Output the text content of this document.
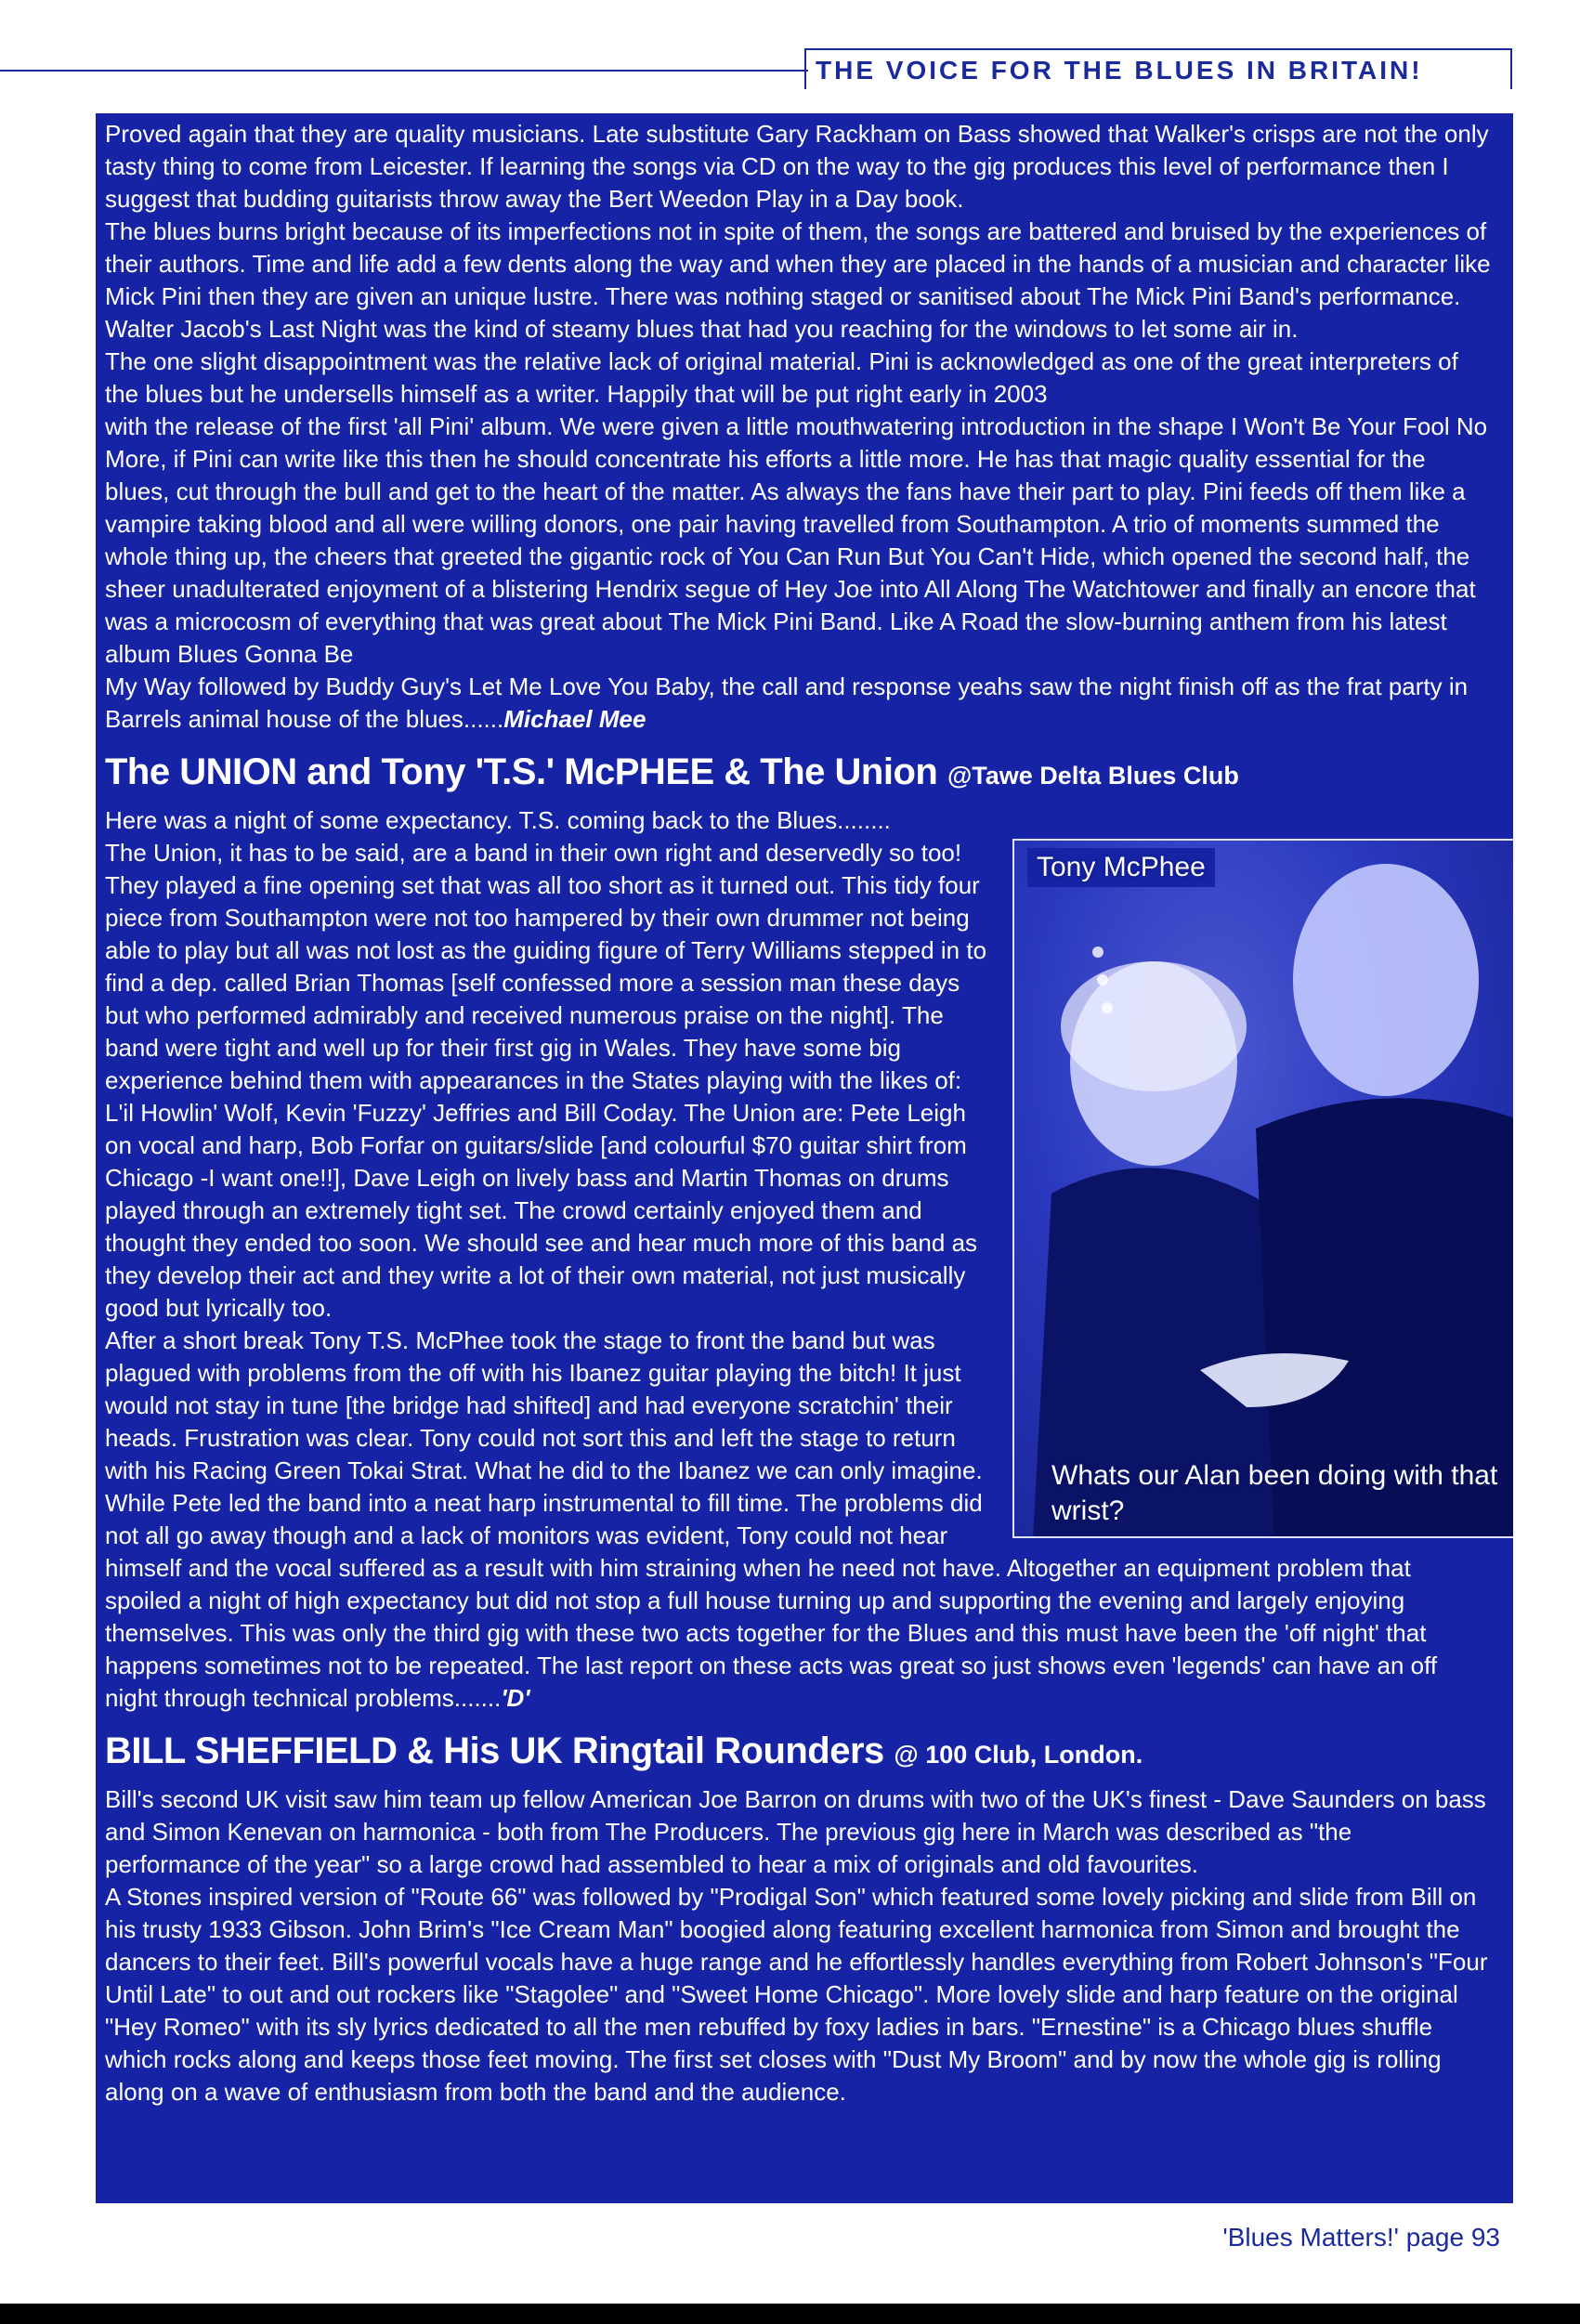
THE VOICE FOR THE BLUES IN BRITAIN!

Proved again that they are quality musicians. Late substitute Gary Rackham on Bass showed that Walker's crisps are not the only tasty thing to come from Leicester. If learning the songs via CD on the way to the gig produces this level of performance then I suggest that budding guitarists throw away the Bert Weedon Play in a Day book.

The blues burns bright because of its imperfections not in spite of them, the songs are battered and bruised by the experiences of their authors. Time and life add a few dents along the way and when they are placed in the hands of a musician and character like Mick Pini then they are given an unique lustre. There was nothing staged or sanitised about The Mick Pini Band's performance. Walter Jacob's Last Night was the kind of steamy blues that had you reaching for the windows to let some air in.

The one slight disappointment was the relative lack of original material. Pini is acknowledged as one of the great interpreters of the blues but he undersells himself as a writer. Happily that will be put right early in 2003

with the release of the first 'all Pini' album. We were given a little mouthwatering introduction in the shape I Won't Be Your Fool No More, if Pini can write like this then he should concentrate his efforts a little more. He has that magic quality essential for the blues, cut through the bull and get to the heart of the matter. As always the fans have their part to play. Pini feeds off them like a vampire taking blood and all were willing donors, one pair having travelled from Southampton. A trio of moments summed the whole thing up, the cheers that greeted the gigantic rock of You Can Run But You Can't Hide, which opened the second half, the sheer unadulterated enjoyment of a blistering Hendrix segue of Hey Joe into All Along The Watchtower and finally an encore that was a microcosm of everything that was great about The Mick Pini Band. Like A Road the slow-burning anthem from his latest album Blues Gonna Be

My Way followed by Buddy Guy's Let Me Love You Baby, the call and response yeahs saw the night finish off as the frat party in Barrels animal house of the blues......Michael Mee

The UNION and Tony 'T.S.' McPHEE & The Union @Tawe Delta Blues Club

Here was a night of some expectancy. T.S. coming back to the Blues........

Tony McPhee
Whats our Alan been doing with that wrist?

The Union, it has to be said, are a band in their own right and deservedly so too! They played a fine opening set that was all too short as it turned out. This tidy four piece from Southampton were not too hampered by their own drummer not being able to play but all was not lost as the guiding figure of Terry Williams stepped in to find a dep. called Brian Thomas [self confessed more a session man these days but who performed admirably and received numerous praise on the night]. The band were tight and well up for their first gig in Wales. They have some big experience behind them with appearances in the States playing with the likes of: L'il Howlin' Wolf, Kevin 'Fuzzy' Jeffries and Bill Coday. The Union are: Pete Leigh on vocal and harp, Bob Forfar on guitars/slide [and colourful $70 guitar shirt from Chicago -I want one!!], Dave Leigh on lively bass and Martin Thomas on drums played through an extremely tight set. The crowd certainly enjoyed them and thought they ended too soon. We should see and hear much more of this band as they develop their act and they write a lot of their own material, not just musically good but lyrically too.

After a short break Tony T.S. McPhee took the stage to front the band but was plagued with problems from the off with his Ibanez guitar playing the bitch! It just would not stay in tune [the bridge had shifted] and had everyone scratchin' their heads. Frustration was clear. Tony could not sort this and left the stage to return with his Racing Green Tokai Strat. What he did to the Ibanez we can only imagine. While Pete led the band into a neat harp instrumental to fill time. The problems did not all go away though and a lack of monitors was evident, Tony could not hear himself and the vocal suffered as a result with him straining when he need not have. Altogether an equipment problem that spoiled a night of high expectancy but did not stop a full house turning up and supporting the evening and largely enjoying themselves. This was only the third gig with these two acts together for the Blues and this must have been the 'off night' that happens sometimes not to be repeated. The last report on these acts was great so just shows even 'legends' can have an off night through technical problems.......'D'

BILL SHEFFIELD & His UK Ringtail Rounders @ 100 Club, London.

Bill's second UK visit saw him team up fellow American Joe Barron on drums with two of the UK's finest - Dave Saunders on bass and Simon Kenevan on harmonica - both from The Producers. The previous gig here in March was described as "the performance of the year" so a large crowd had assembled to hear a mix of originals and old favourites.

A Stones inspired version of "Route 66" was followed by "Prodigal Son" which featured some lovely picking and slide from Bill on his trusty 1933 Gibson. John Brim's "Ice Cream Man" boogied along featuring excellent harmonica from Simon and brought the dancers to their feet. Bill's powerful vocals have a huge range and he effortlessly handles everything from Robert Johnson's "Four Until Late" to out and out rockers like "Stagolee" and "Sweet Home Chicago". More lovely slide and harp feature on the original "Hey Romeo" with its sly lyrics dedicated to all the men rebuffed by foxy ladies in bars. "Ernestine" is a Chicago blues shuffle which rocks along and keeps those feet moving. The first set closes with "Dust My Broom" and by now the whole gig is rolling along on a wave of enthusiasm from both the band and the audience.

'Blues Matters!' page 93
